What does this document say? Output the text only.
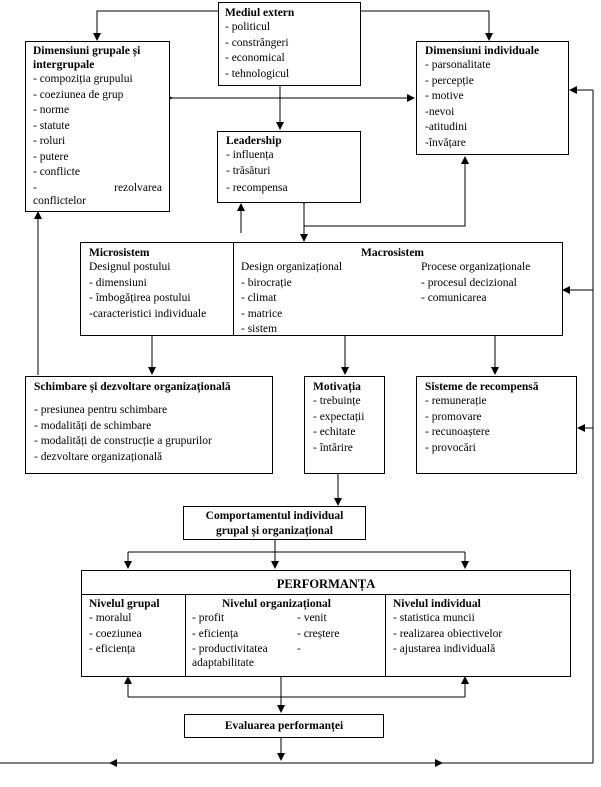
Mediul extern
- politicul
- constrângeri
- economical
- tehnologicul
Dimensiuni grupale și intergrupale
- compoziția grupului
- coeziunea de grup
- norme
- statute
- roluri
- putere
- conflicte
-	rezolvarea
conflictelor
Dimensiuni individuale
- parsonalitate
- percepție
- motive
-nevoi
-atitudini
-învățare
Leadership
- influența
- trăsături
- recompensa
Microsistem
Designul postului
- dimensiuni
- îmbogățirea postului
-caracteristici individuale
Macrosistem
Design organizațional
- birocrație
- climat
- matrice
- sistem
Procese organizaționale
- procesul decizional
- comunicarea
Schimbare și dezvoltare organizațională
- presiunea pentru schimbare
- modalități de schimbare
- modalități de construcție a grupurilor
- dezvoltare organizațională
Motivația
- trebuințe
- expectații
- echitate
- întărire
Sisteme de recompensă
- remunerație
- promovare
- recunoaștere
- provocări
Comportamentul individual
grupal și organizațional
PERFORMANȚA
Nivelul grupal
- moralul
- coeziunea
- eficiența
Nivelul organizațional
- profit
- eficiența
- productivitatea
adaptabilitate
- venit
- creștere
-
Nivelul individual
- statistica muncii
- realizarea obiectivelor
- ajustarea individuală
Evaluarea performanței
